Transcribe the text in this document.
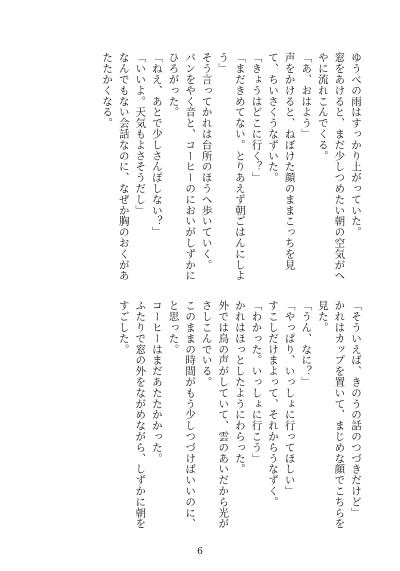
ゆうべの雨はすっかり上がっていた。
窓をあけると、まだ少しつめたい朝の空気がへやに流れこんでくる。
「あ、おはよう」
声をかけると、ねぼけた顔のままこっちを見て、ちいさくうなずいた。
「きょうはどこに行く？」
「まだきめてない。とりあえず朝ごはんにしよう」
そう言ってかれは台所のほうへ歩いていく。
パンをやく音と、コーヒーのにおいがしずかにひろがった。
「ねえ、あとで少しさんぽしない？」
「いいよ。天気もよさそうだし」
なんでもない会話なのに、なぜか胸のおくがあたたかくなる。
「そういえば、きのうの話のつづきだけど」
かれはカップを置いて、まじめな顔でこちらを見た。
「うん、なに？」
「やっぱり、いっしょに行ってほしい」
すこしだけまよって、それからうなずく。
「わかった。いっしょに行こう」
かれはほっとしたようにわらった。
外では鳥の声がしていて、雲のあいだから光がさしこんでいる。
このままの時間がもう少しつづけばいいのに、と思った。
コーヒーはまだあたたかかった。
ふたりで窓の外をながめながら、しずかに朝をすごした。
6
